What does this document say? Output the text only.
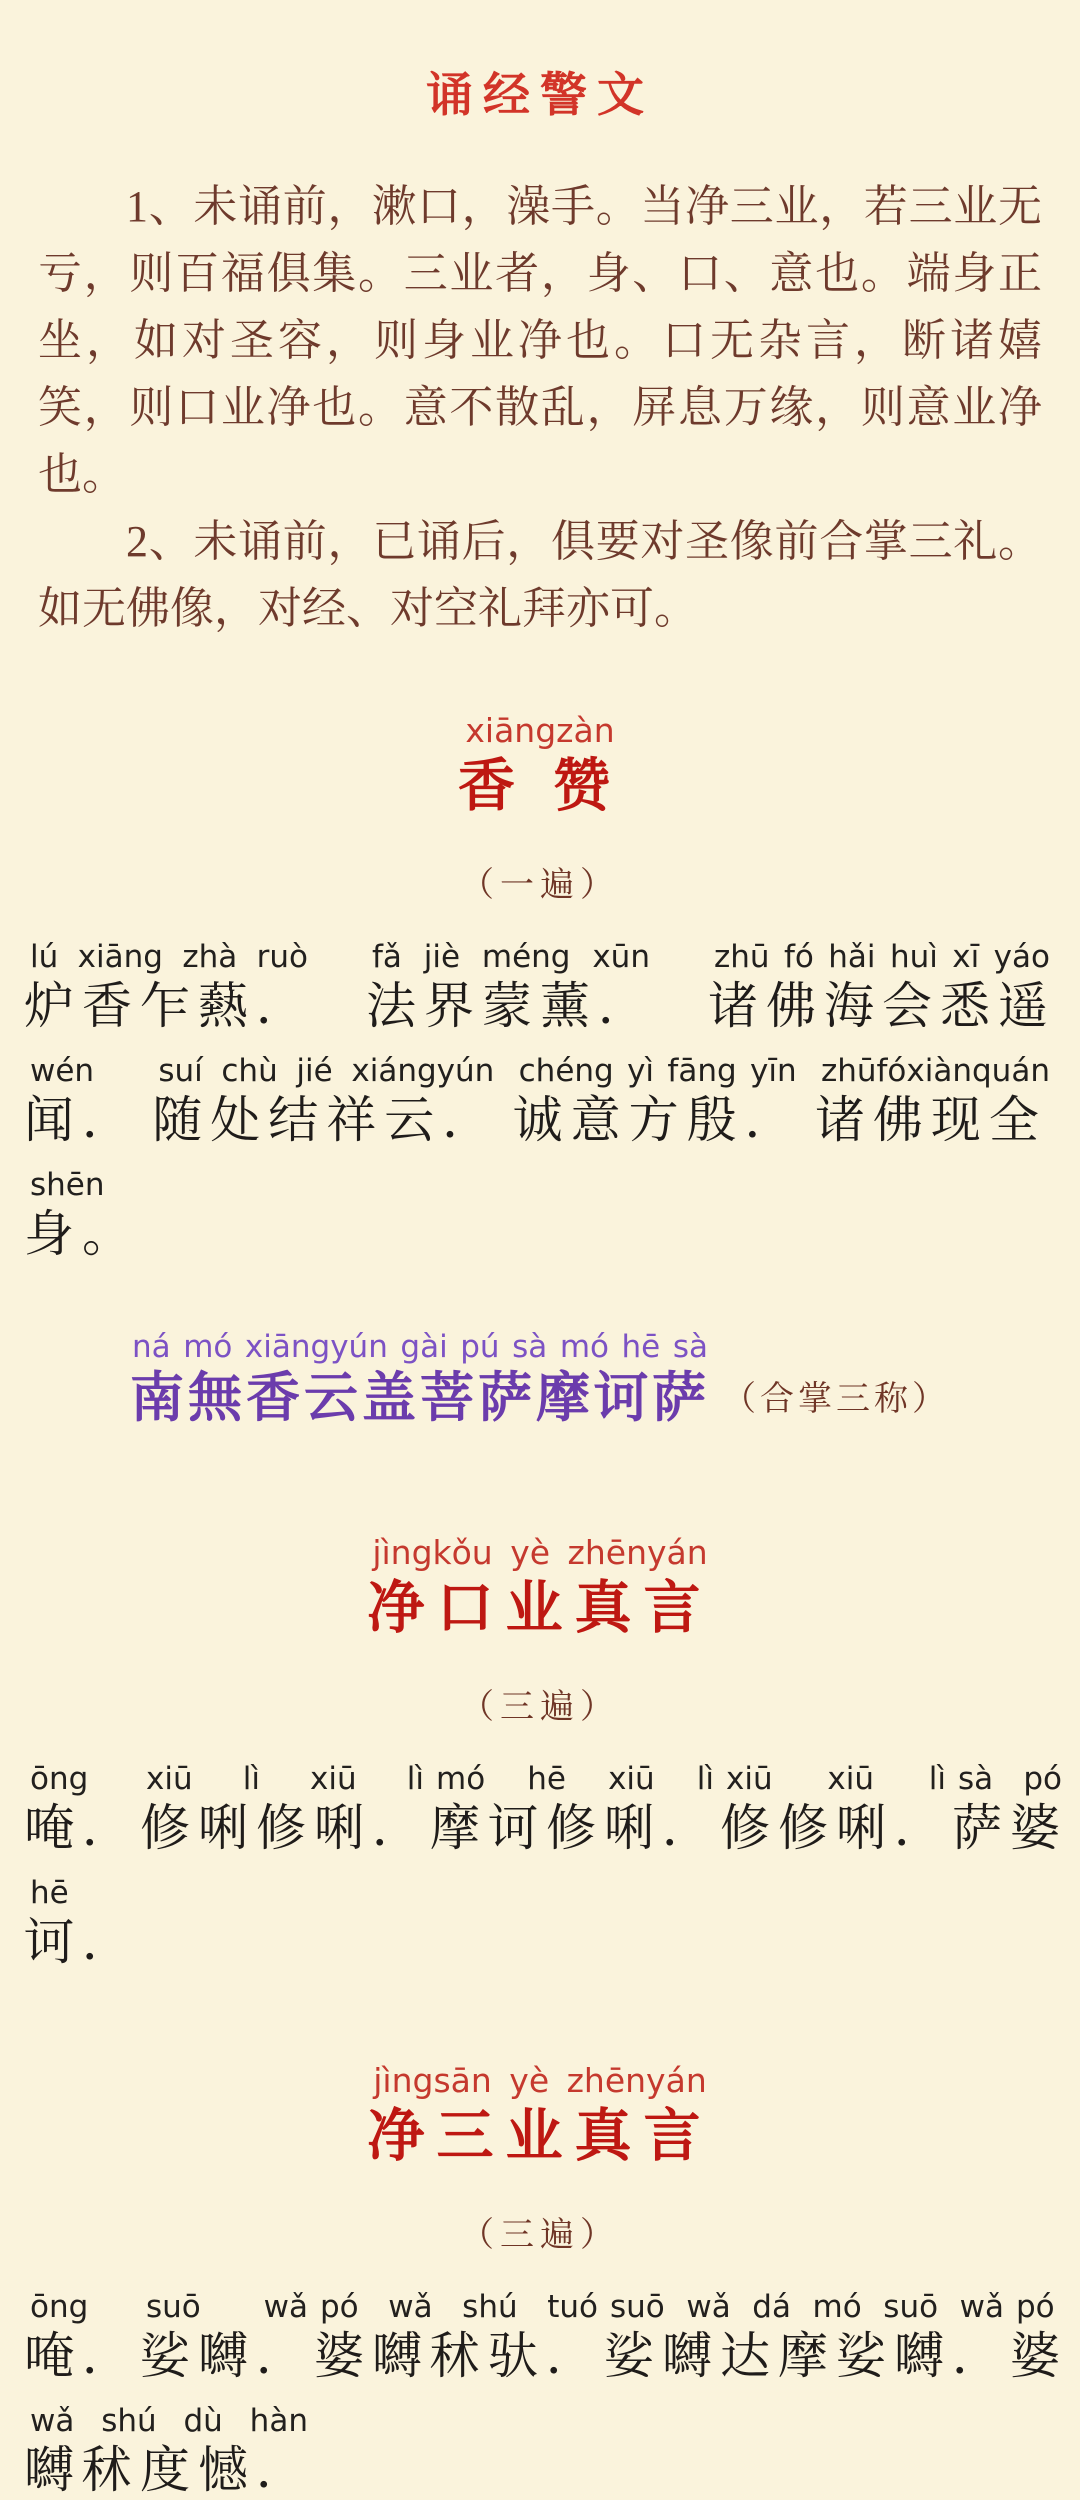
诵经警文

1、未诵前，漱口，澡手。当净三业，若三业无亏，则百福俱集。三业者，身、口、意也。端身正坐，如对圣容，则身业净也。口无杂言，断诸嬉笑，则口业净也。意不散乱，屏息万缘，则意业净也。

2、未诵前，已诵后，俱要对圣像前合掌三礼。如无佛像，对经、对空礼拜亦可。

xiāngzàn
香 赞
（一遍）
lú xiāng zhà ruò
炉香乍爇．
fǎ jiè méng xūn
法界蒙薰．
zhū fó hǎi huì xī yáo
诸佛海会悉遥
wén
闻．
suí chù jié xiángyún
随处结祥云．
chéng yì fāng yīn
诚意方殷．
zhū fó xiànquán
诸佛现全
shēn
身。
ná mó xiāngyún gài pú sà mó hē sà
南無香云盖菩萨摩诃萨 （合掌三称）
jìngkǒu yè zhēnyán
净口业真言
（三遍）
ōng
唵．
xiū lì xiū lì
修唎修唎．
mó hē xiū lì
摩诃修唎．
xiū xiū lì
修修唎．
sà pó
萨婆
hē
诃．
jìngsān yè zhēnyán
净三业真言
（三遍）
ōng
唵．
suō wǎ
娑嚩．
pó wǎ shú tuó
婆嚩秫驮．
suō wǎ dá mó suō wǎ
娑嚩达摩娑嚩．
pó
婆
wǎ shú dù hàn
嚩秫度憾．
